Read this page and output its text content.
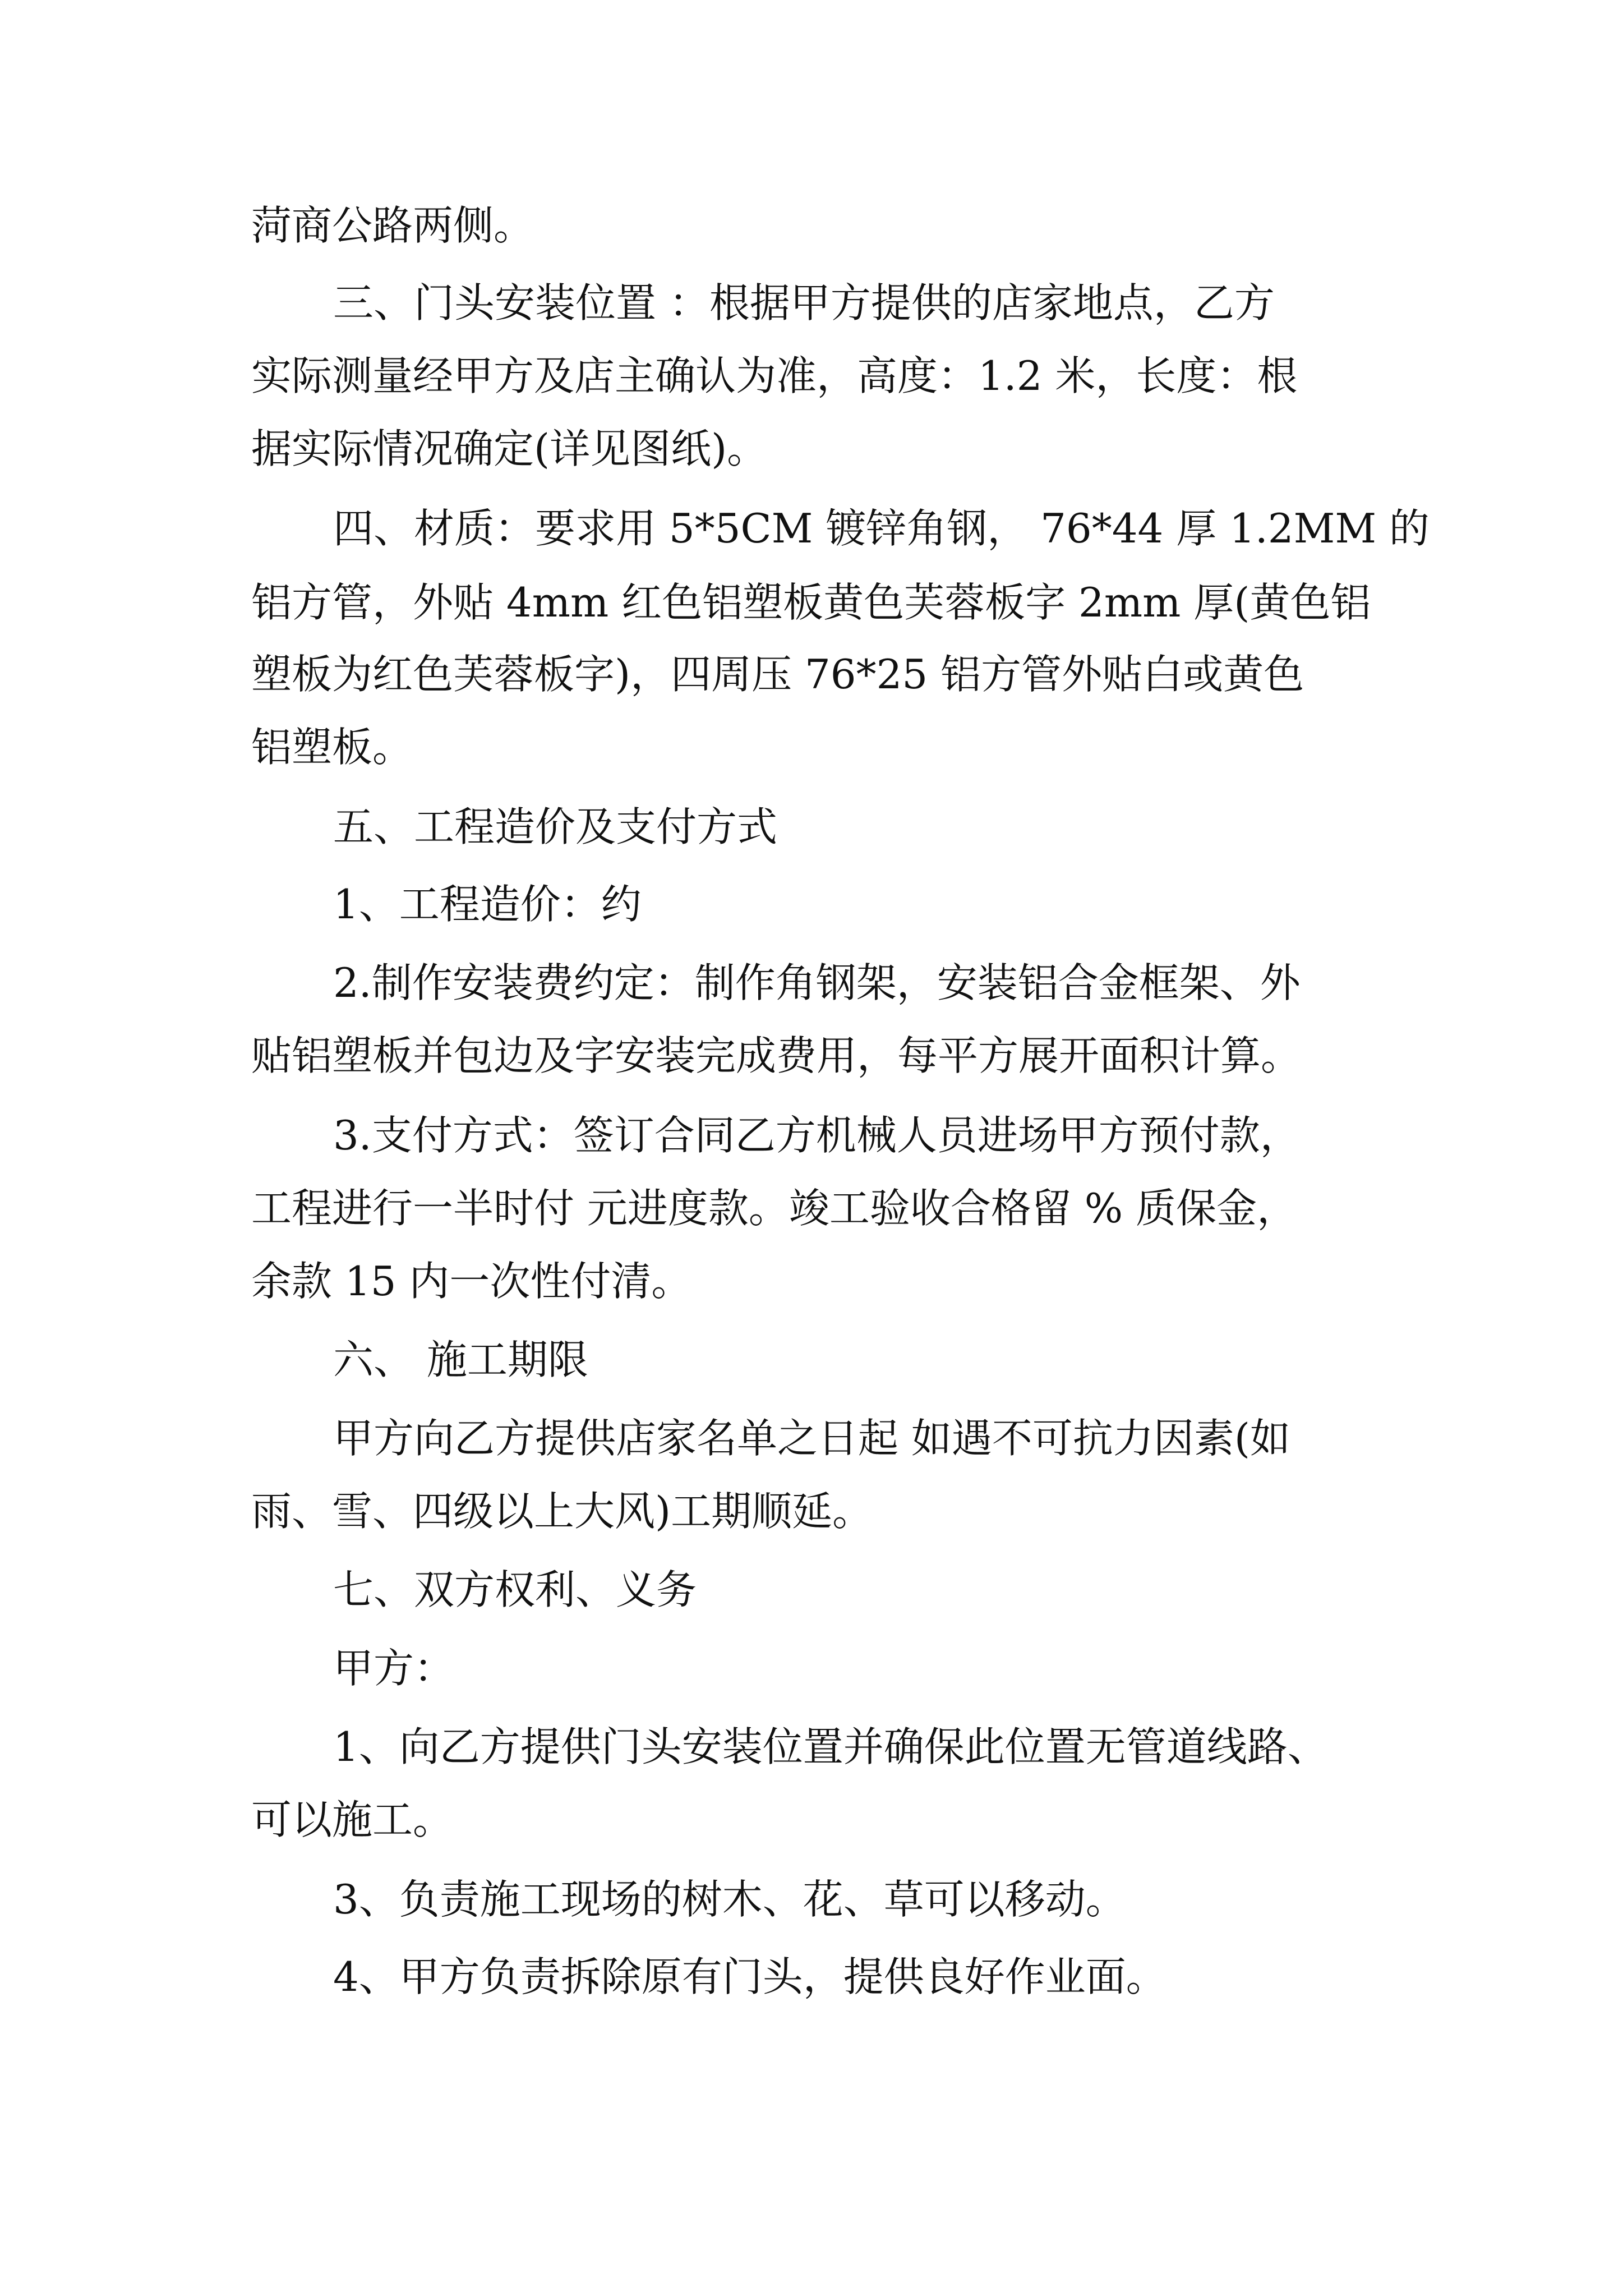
菏商公路两侧。
三、门头安装位置 ：根据甲方提供的店家地点，乙方
实际测量经甲方及店主确认为准，高度：1.2 米，长度：根
据实际情况确定(详见图纸)。
四、材质：要求用 5*5CM 镀锌角钢， 76*44 厚 1.2MM 的
铝方管，外贴 4mm 红色铝塑板黄色芙蓉板字 2mm 厚(黄色铝
塑板为红色芙蓉板字)，四周压 76*25 铝方管外贴白或黄色
铝塑板。
五、工程造价及支付方式
1、工程造价：约
2.制作安装费约定：制作角钢架，安装铝合金框架、外
贴铝塑板并包边及字安装完成费用，每平方展开面积计算。
3.支付方式：签订合同乙方机械人员进场甲方预付款，
工程进行一半时付 元进度款。竣工验收合格留 % 质保金，
余款 15 内一次性付清。
六、 施工期限
甲方向乙方提供店家名单之日起 如遇不可抗力因素(如
雨、雪、四级以上大风)工期顺延。
七、双方权利、义务
甲方：
1、向乙方提供门头安装位置并确保此位置无管道线路、
可以施工。
3、负责施工现场的树木、花、草可以移动。
4、甲方负责拆除原有门头，提供良好作业面。
